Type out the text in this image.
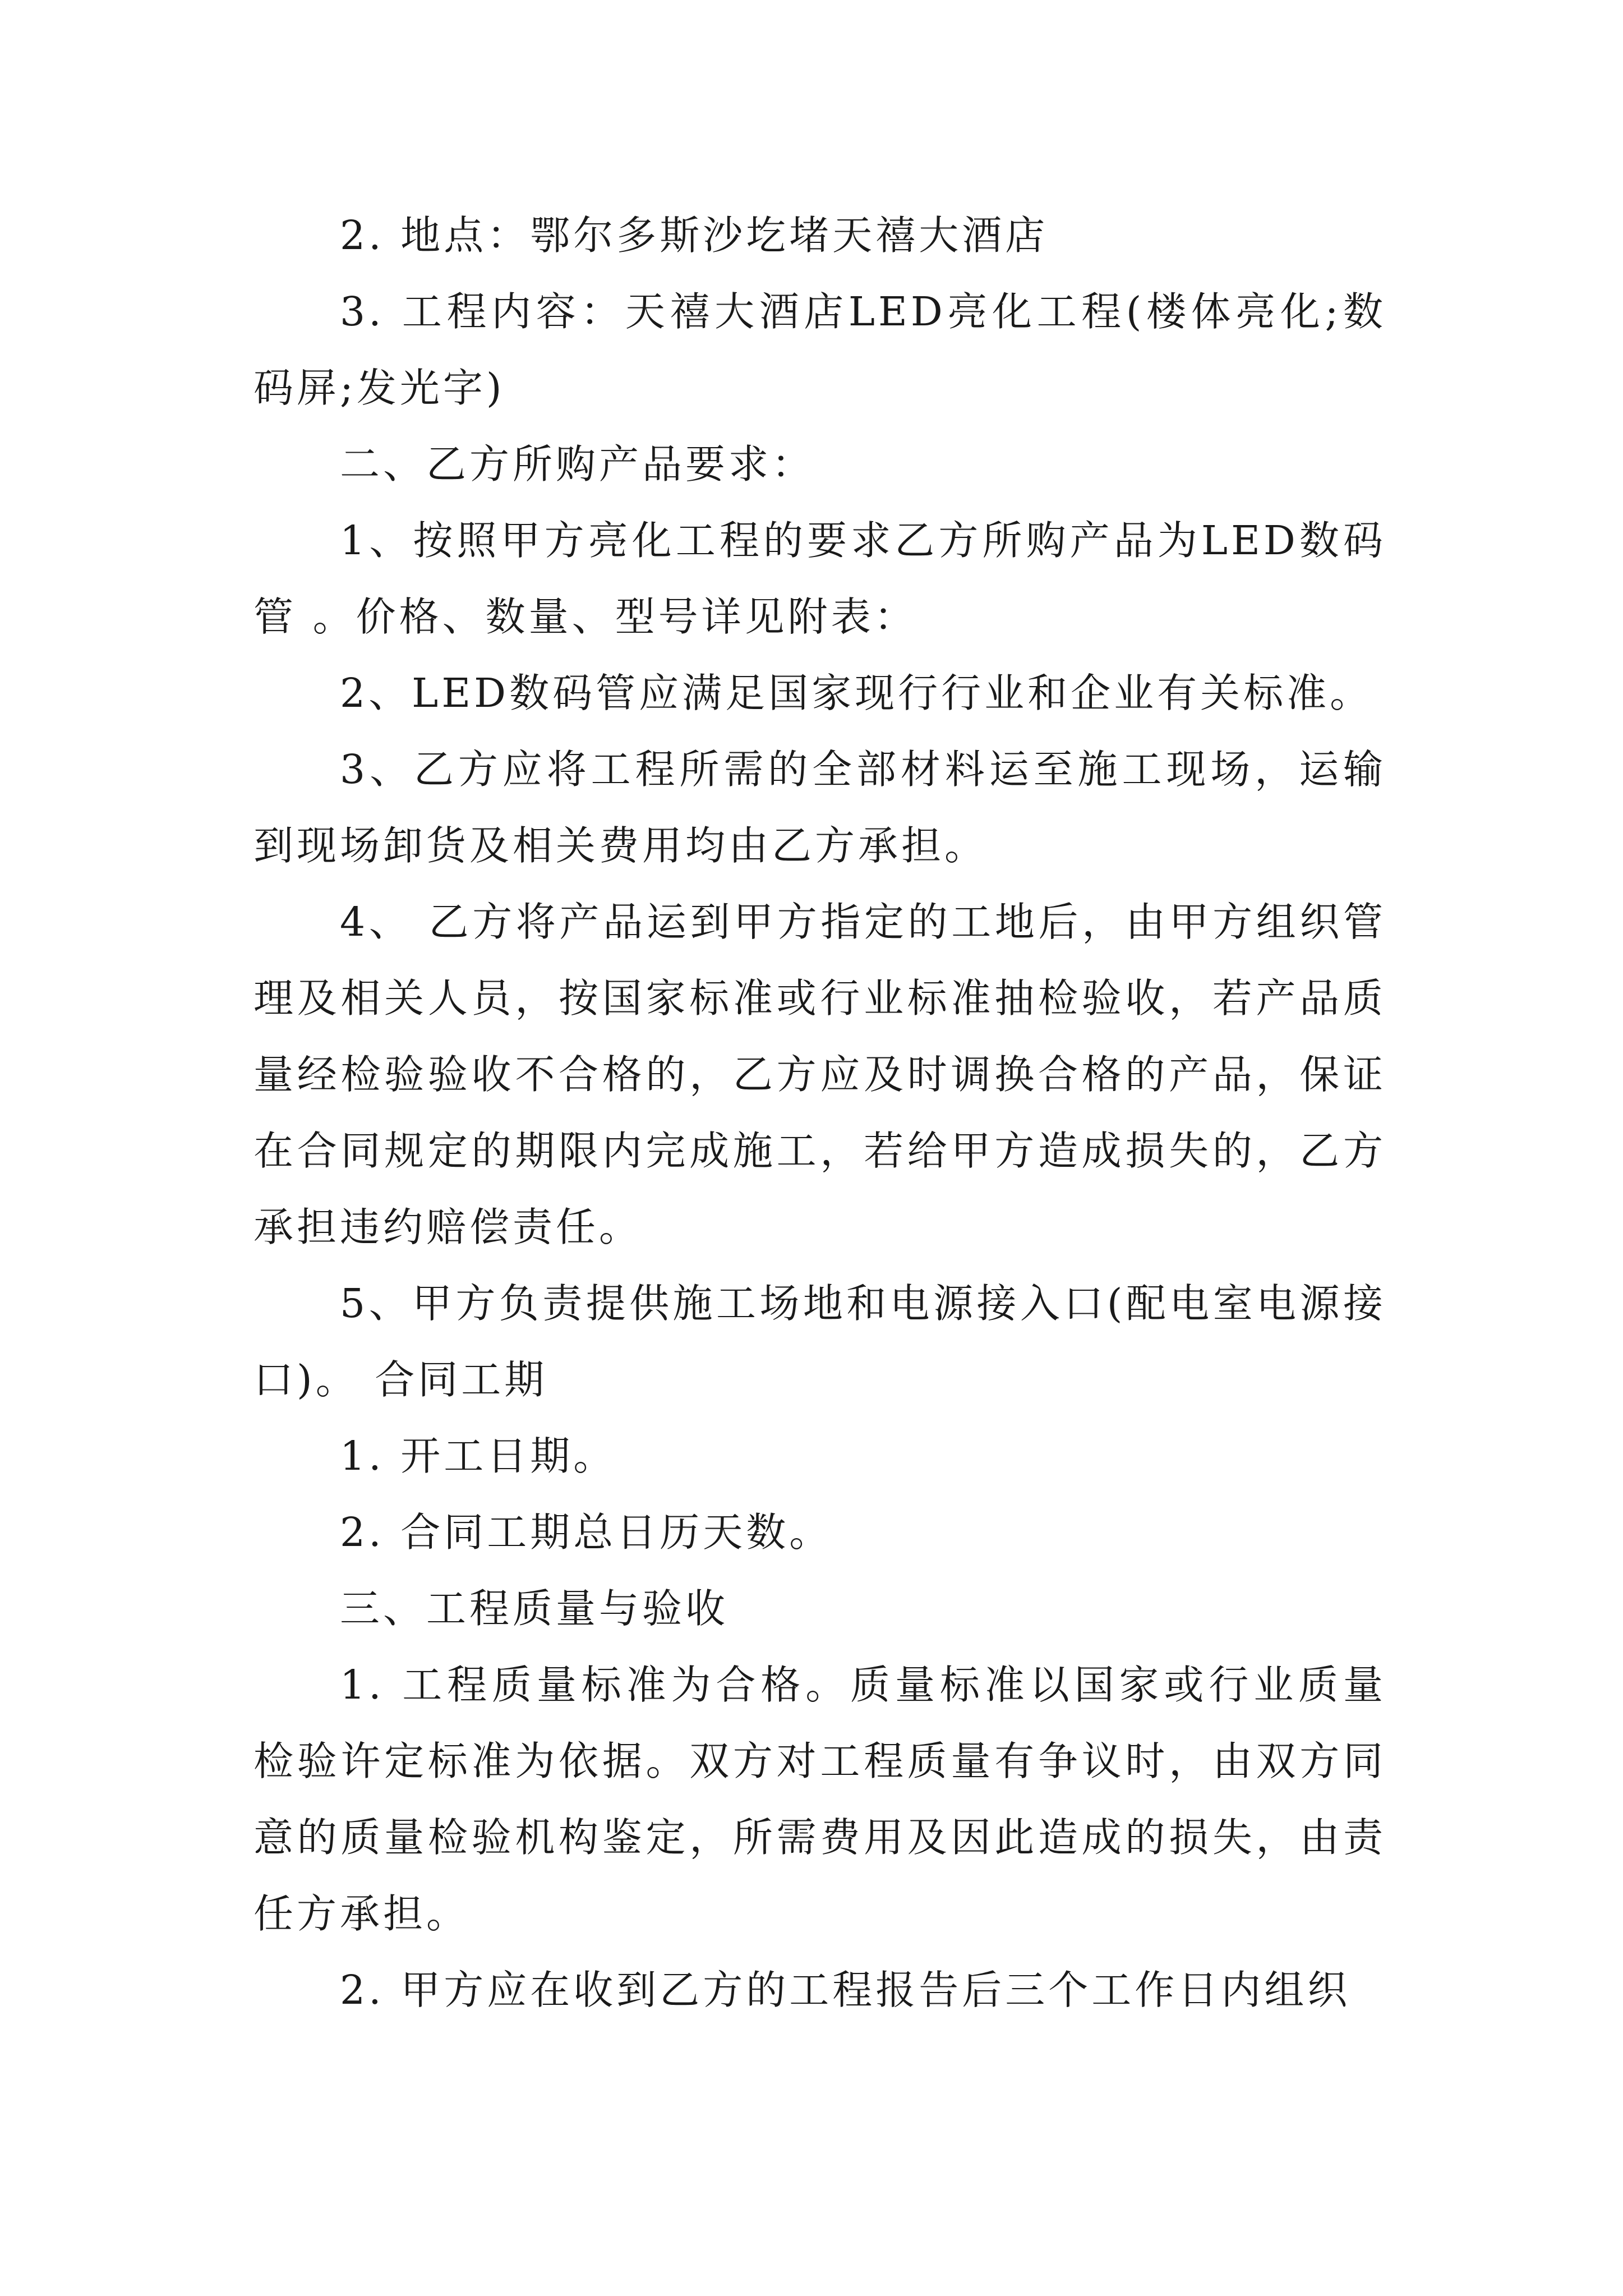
2. 地点：鄂尔多斯沙圪堵天禧大酒店

3. 工程内容：天禧大酒店LED亮化工程(楼体亮化;数码屏;发光字)

二、乙方所购产品要求：

1、按照甲方亮化工程的要求乙方所购产品为LED数码管 。价格、数量、型号详见附表：

2、LED数码管应满足国家现行行业和企业有关标准。

3、乙方应将工程所需的全部材料运至施工现场，运输到现场卸货及相关费用均由乙方承担。

4、 乙方将产品运到甲方指定的工地后，由甲方组织管理及相关人员，按国家标准或行业标准抽检验收，若产品质量经检验验收不合格的，乙方应及时调换合格的产品，保证在合同规定的期限内完成施工，若给甲方造成损失的，乙方承担违约赔偿责任。

5、甲方负责提供施工场地和电源接入口(配电室电源接口)。 合同工期

1. 开工日期。

2. 合同工期总日历天数。

三、工程质量与验收

1. 工程质量标准为合格。质量标准以国家或行业质量检验许定标准为依据。双方对工程质量有争议时，由双方同意的质量检验机构鉴定，所需费用及因此造成的损失，由责任方承担。

2. 甲方应在收到乙方的工程报告后三个工作日内组织
